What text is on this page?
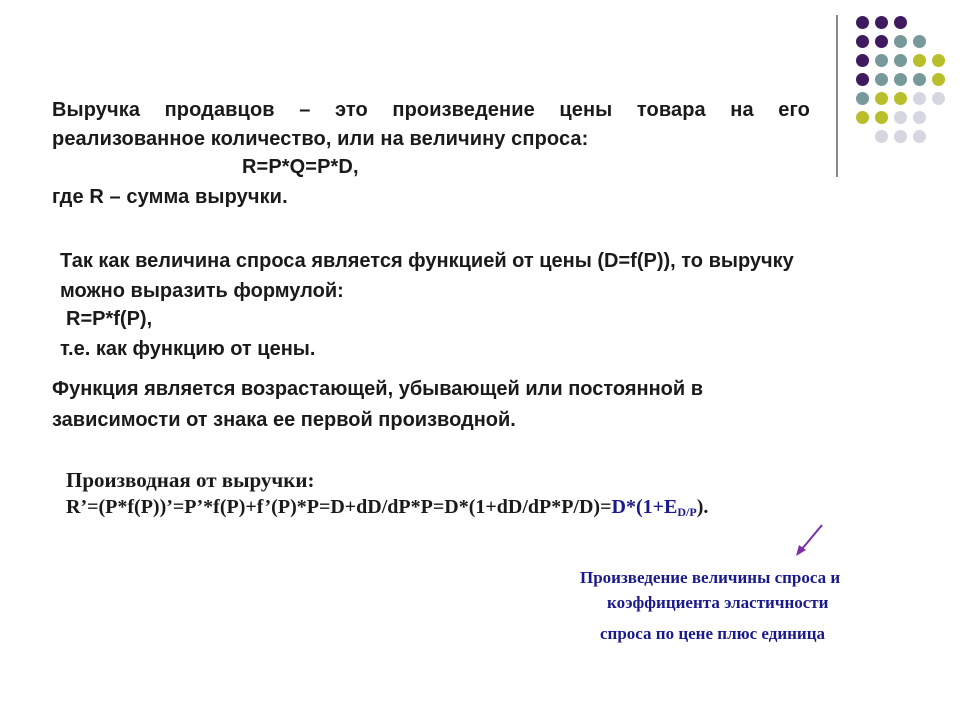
Выручка продавцов – это произведение цены товара на его
реализованное количество, или на величину спроса:
R=P*Q=P*D,
где R – сумма выручки.
Так как величина спроса является функцией от цены (D=f(P)), то выручку
можно выразить формулой:
R=P*f(P),
т.е. как функцию от цены.
Функция является возрастающей, убывающей или постоянной в
зависимости от знака ее первой производной.
Производная от выручки:
$R’=(P*f(P))’=P’*f(P)+f’(P)*P=D+dD/dP*P=D*(1+dD/dP*P/D)=D*(1+E_{D/P})$.
Произведение величины спроса и
коэффициента эластичности
спроса по цене плюс единица
